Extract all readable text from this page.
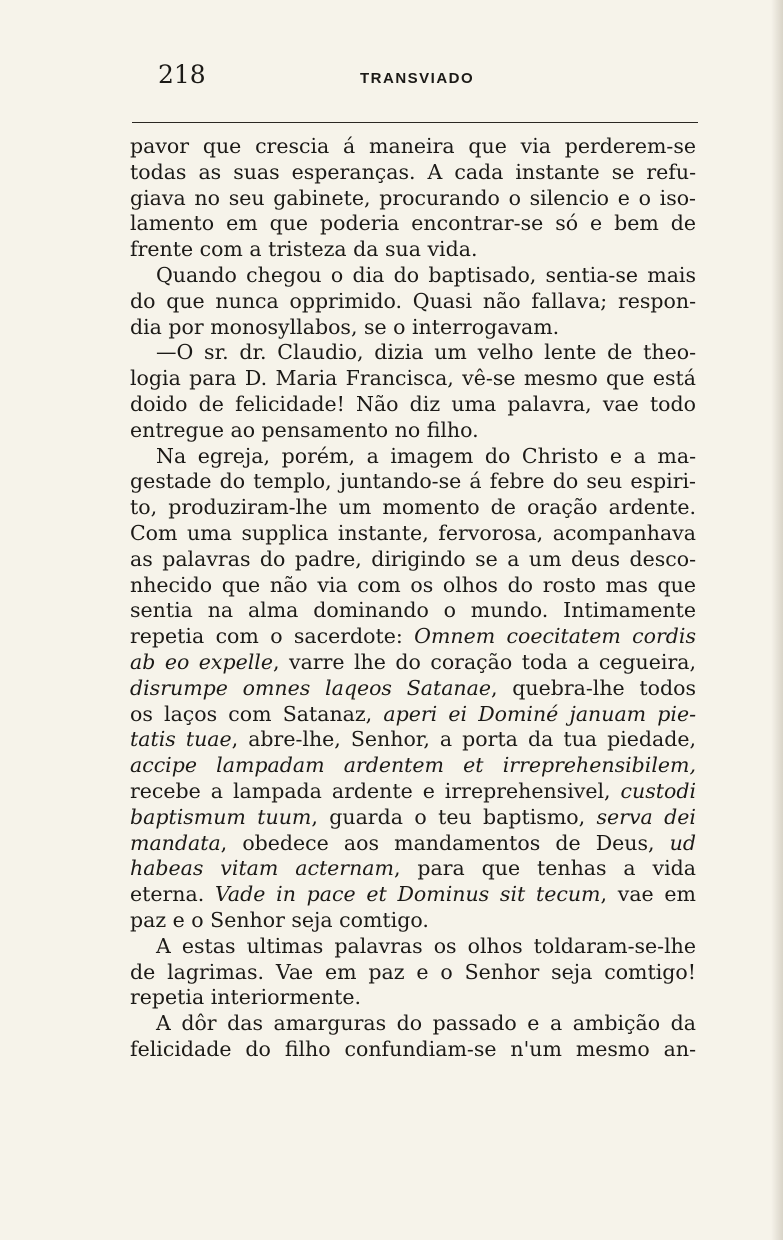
218	TRANSVIADO
pavor que crescia á maneira que via perderem-se
todas as suas esperanças. A cada instante se refu-
giava no seu gabinete, procurando o silencio e o iso-
lamento em que poderia encontrar-se só e bem de
frente com a tristeza da sua vida.
Quando chegou o dia do baptisado, sentia-se mais
do que nunca opprimido. Quasi não fallava; respon-
dia por monosyllabos, se o interrogavam.
—O sr. dr. Claudio, dizia um velho lente de theo-
logia para D. Maria Francisca, vê-se mesmo que está
doido de felicidade! Não diz uma palavra, vae todo
entregue ao pensamento no filho.
Na egreja, porém, a imagem do Christo e a ma-
gestade do templo, juntando-se á febre do seu espiri-
to, produziram-lhe um momento de oração ardente.
Com uma supplica instante, fervorosa, acompanhava
as palavras do padre, dirigindo se a um deus desco-
nhecido que não via com os olhos do rosto mas que
sentia na alma dominando o mundo. Intimamente
repetia com o sacerdote: Omnem coecitatem cordis
ab eo expelle, varre lhe do coração toda a cegueira,
disrumpe omnes laqeos Satanae, quebra-lhe todos
os laços com Satanaz, aperi ei Dominé januam pie-
tatis tuae, abre-lhe, Senhor, a porta da tua piedade,
accipe lampadam ardentem et irreprehensibilem,
recebe a lampada ardente e irreprehensivel, custodi
baptismum tuum, guarda o teu baptismo, serva dei
mandata, obedece aos mandamentos de Deus, ud
habeas vitam acternam, para que tenhas a vida
eterna. Vade in pace et Dominus sit tecum, vae em
paz e o Senhor seja comtigo.
A estas ultimas palavras os olhos toldaram-se-lhe
de lagrimas. Vae em paz e o Senhor seja comtigo!
repetia interiormente.
A dôr das amarguras do passado e a ambição da
felicidade do filho confundiam-se n'um mesmo an-
